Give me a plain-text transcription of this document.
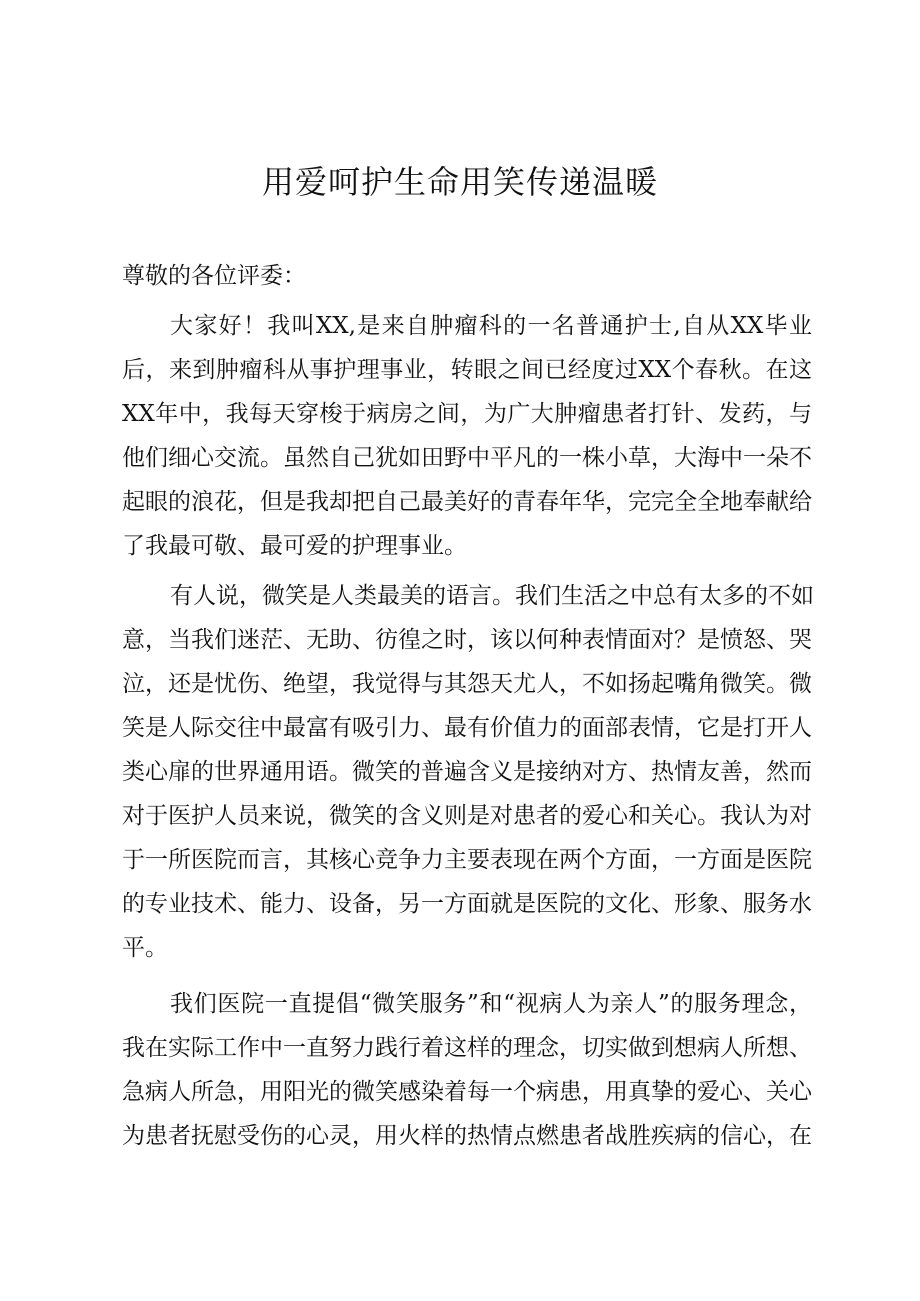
用爱呵护生命用笑传递温暖
尊敬的各位评委：
大家好！我叫XX,是来自肿瘤科的一名普通护士,自从XX毕业
后，来到肿瘤科从事护理事业，转眼之间已经度过XX个春秋。在这
XX年中，我每天穿梭于病房之间，为广大肿瘤患者打针、发药，与
他们细心交流。虽然自己犹如田野中平凡的一株小草，大海中一朵不
起眼的浪花，但是我却把自己最美好的青春年华，完完全全地奉献给
了我最可敬、最可爱的护理事业。
有人说，微笑是人类最美的语言。我们生活之中总有太多的不如
意，当我们迷茫、无助、彷徨之时，该以何种表情面对？是愤怒、哭
泣，还是忧伤、绝望，我觉得与其怨天尤人，不如扬起嘴角微笑。微
笑是人际交往中最富有吸引力、最有价值力的面部表情，它是打开人
类心扉的世界通用语。微笑的普遍含义是接纳对方、热情友善，然而
对于医护人员来说，微笑的含义则是对患者的爱心和关心。我认为对
于一所医院而言，其核心竞争力主要表现在两个方面，一方面是医院
的专业技术、能力、设备，另一方面就是医院的文化、形象、服务水
平。
我们医院一直提倡“微笑服务”和“视病人为亲人”的服务理念，
我在实际工作中一直努力践行着这样的理念，切实做到想病人所想、
急病人所急，用阳光的微笑感染着每一个病患，用真挚的爱心、关心
为患者抚慰受伤的心灵，用火样的热情点燃患者战胜疾病的信心，在
